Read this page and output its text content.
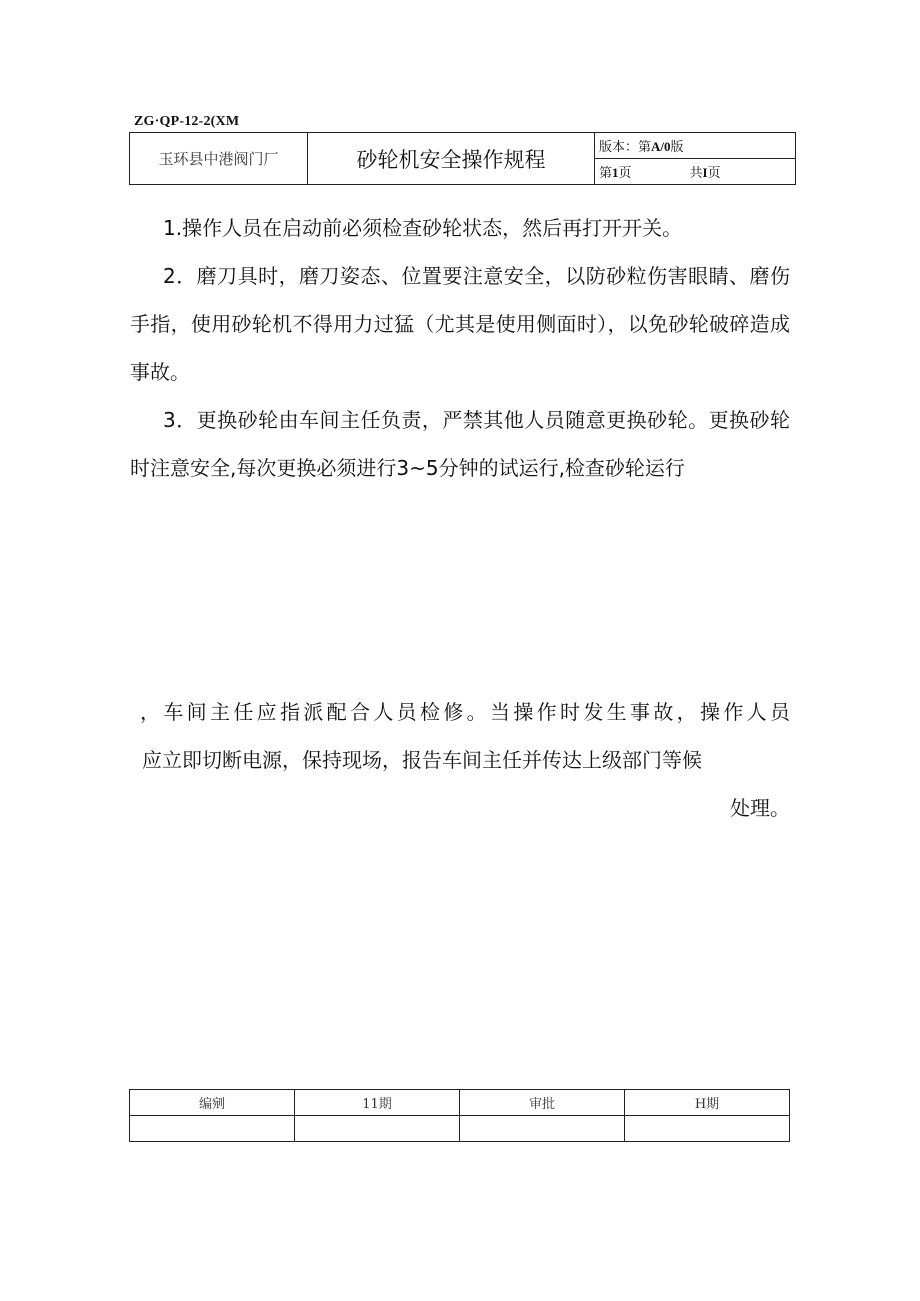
ZG·QP-12-2(XM
玉环县中港阀门厂	砂轮机安全操作规程	版本：第A/0版

第1页	共I页

1.操作人员在启动前必须检查砂轮状态，然后再打开开关。

2．磨刀具时，磨刀姿态、位置要注意安全，以防砂粒伤害眼睛、磨伤手指，使用砂轮机不得用力过猛（尤其是使用侧面时），以免砂轮破碎造成事故。

3．更换砂轮由车间主任负责，严禁其他人员随意更换砂轮。更换砂轮时注意安全,每次更换必须进行3~5分钟的试运行,检查砂轮运行

，车间主任应指派配合人员检修。当操作时发生事故，操作人员
应立即切断电源，保持现场，报告车间主任并传达上级部门等候
处理。
编剜	11期	审批	H期
